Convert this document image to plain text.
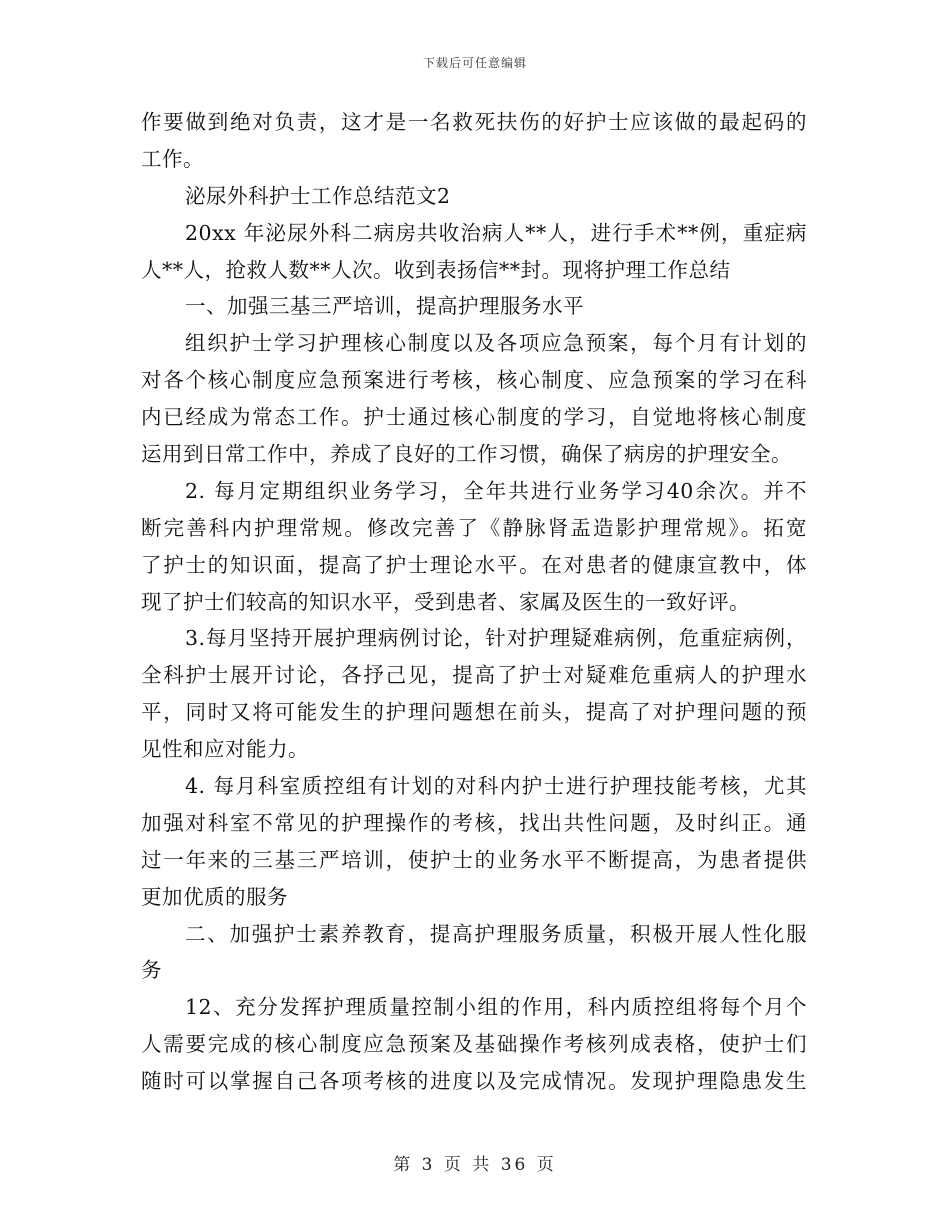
下载后可任意编辑
作要做到绝对负责，这才是一名救死扶伤的好护士应该做的最起码的
工作。
泌尿外科护士工作总结范文2
20xx 年泌尿外科二病房共收治病人**人，进行手术**例，重症病
人**人，抢救人数**人次。收到表扬信**封。现将护理工作总结
一、加强三基三严培训，提高护理服务水平
组织护士学习护理核心制度以及各项应急预案，每个月有计划的
对各个核心制度应急预案进行考核，核心制度、应急预案的学习在科
内已经成为常态工作。护士通过核心制度的学习，自觉地将核心制度
运用到日常工作中，养成了良好的工作习惯，确保了病房的护理安全。
2. 每月定期组织业务学习，全年共进行业务学习40余次。并不
断完善科内护理常规。修改完善了《静脉肾盂造影护理常规》。拓宽
了护士的知识面，提高了护士理论水平。在对患者的健康宣教中，体
现了护士们较高的知识水平，受到患者、家属及医生的一致好评。
3.每月坚持开展护理病例讨论，针对护理疑难病例，危重症病例，
全科护士展开讨论，各抒己见，提高了护士对疑难危重病人的护理水
平，同时又将可能发生的护理问题想在前头，提高了对护理问题的预
见性和应对能力。
4. 每月科室质控组有计划的对科内护士进行护理技能考核，尤其
加强对科室不常见的护理操作的考核，找出共性问题，及时纠正。通
过一年来的三基三严培训，使护士的业务水平不断提高，为患者提供
更加优质的服务
二、加强护士素养教育，提高护理服务质量，积极开展人性化服
务
12、充分发挥护理质量控制小组的作用，科内质控组将每个月个
人需要完成的核心制度应急预案及基础操作考核列成表格，使护士们
随时可以掌握自己各项考核的进度以及完成情况。发现护理隐患发生
第 3 页 共 36 页
